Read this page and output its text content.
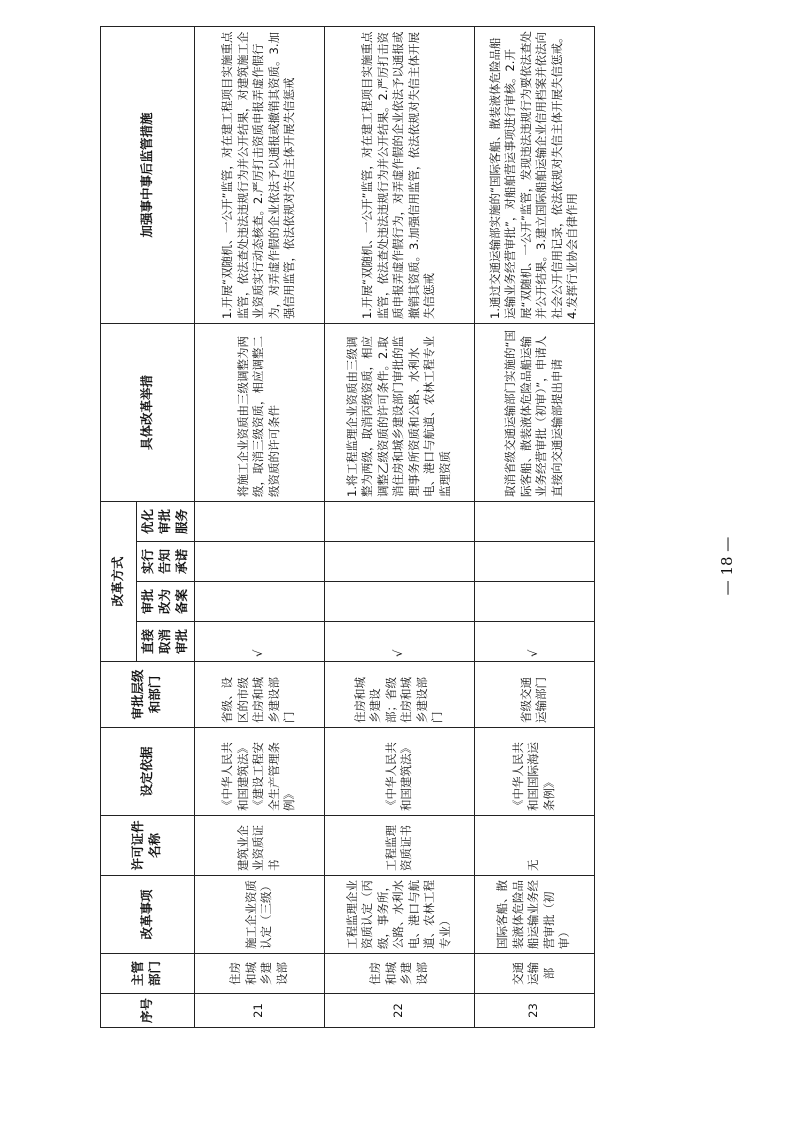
序号	主管部门	改革事项	许可证件名称	设定依据	审批层级和部门	改革方式				具体改革举措	加强事中事后监管措施
						直接取消审批	审批改为备案	实行告知承诺	优化审批服务		
21	住房和城乡建设部	施工企业资质认定（三级）	建筑业企业资质证书	《中华人民共和国建筑法》《建设工程安全生产管理条例》	省级、设区的市级住房和城乡建设部门	√				将施工企业资质由三级调整为两级，取消三级资质，相应调整二级资质的许可条件	1.开展“双随机、一公开”监管，对在建工程项目实施重点监管，依法查处违法违规行为并公开结果，对建筑施工企业资质实行动态核查。2.严厉打击资质申报弄虚作假行为，对弄虚作假的企业依法予以通报或撤销其资质。3.加强信用监管，依法依规对失信主体开展失信惩戒
22	住房和城乡建设部	工程监理企业资质认定（丙级，事务所，公路、水利水电、港口与航道、农林工程专业）	工程监理资质证书	《中华人民共和国建筑法》	住房和城乡建设部；省级住房和城乡建设部门	√				1.将工程监理企业资质由三级调整为两级，取消丙级资质，相应调整乙级资质的许可条件。2.取消住房和城乡建设部门审批的监理事务所资质和公路、水利水电、港口与航道、农林工程专业监理资质	1.开展“双随机、一公开”监管，对在建工程项目实施重点监管，依法查处违法违规行为并公开结果。2.严厉打击资质申报弄虚作假行为，对弄虚作假的企业依法予以通报或撤销其资质。3.加强信用监管，依法依规对失信主体开展失信惩戒
23	交通运输部	国际客船、散装液体危险品船运输业务经营审批（初审）	无	《中华人民共和国国际海运条例》	省级交通运输部门	√				取消省级交通运输部门实施的“国际客船、散装液体危险品船运输业务经营审批（初审）”，申请人直接向交通运输部提出申请	1.通过交通运输部实施的“国际客船、散装液体危险品船运输业务经营审批”，对船舶营运事项进行审核。2.开展“双随机、一公开”监管，发现违法违规行为要依法查处并公开结果。3.建立国际船舶运输企业信用档案并依法向社会公开信用记录，依法依规对失信主体开展失信惩戒。4.发挥行业协会自律作用
— 18 —
